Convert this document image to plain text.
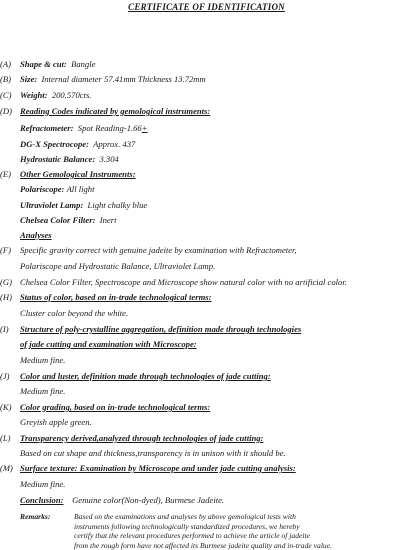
CERTIFICATE OF IDENTIFICATION
(A)	Shape & cut: Bangle
(B)	Size: Internal diameter 57.41mm Thickness 13.72mm
(C) Weight: 200.570cts.
(D) Reading Codes indicated by gemological instruments:
Refractometer: Spot Reading-1.66+
DG-X Spectrocope: Approx. 437
Hydrostatic Balance: 3.304
(E)	Other Gemological Instruments:
Polariscope: All light
Ultraviolet Lamp: Light chalky blue
Chelsea Color Filter: Inert
Analyses
(F)	Specific gravity correct with genuine jadeite by examination with Refractometer,
Polariscope and Hydrostatic Balance, Ultraviolet Lamp.
(G) Chelsea Color Filter, Spectroscope and Microscope show natural color with no artificial color.
(H) Status of color, based on in-trade technological terms:
Cluster color beyond the white.
(I)	Structure of poly-crystalline aggregation, definition made through technologies
of jade cutting and examination with Microscope:
Medium fine.
(J)	Color and luster, definition made through technologies of jade cutting:
Medium fine.
(K) Color grading, based on in-trade technological terms:
Greyish apple green.
(L)	Transparency derived,analyzed through technologies of jade cutting:
Based on cut shape and thickness,transparency is in unison with it should be.
(M) Surface texture: Examination by Microscope and under jade cutting analysis:
Medium fine.
Conclusion: Genuine color(Non-dyed), Burmese Jadeite.
Remarks:	Based on the examinations and analyses by above gemological tests with
instruments following technologically standardized procedures, we hereby
certify that the relevant procedures performed to achieve the article of jadeite
from the rough form have not affected its Burmese jadeite quality and in-trade value.
